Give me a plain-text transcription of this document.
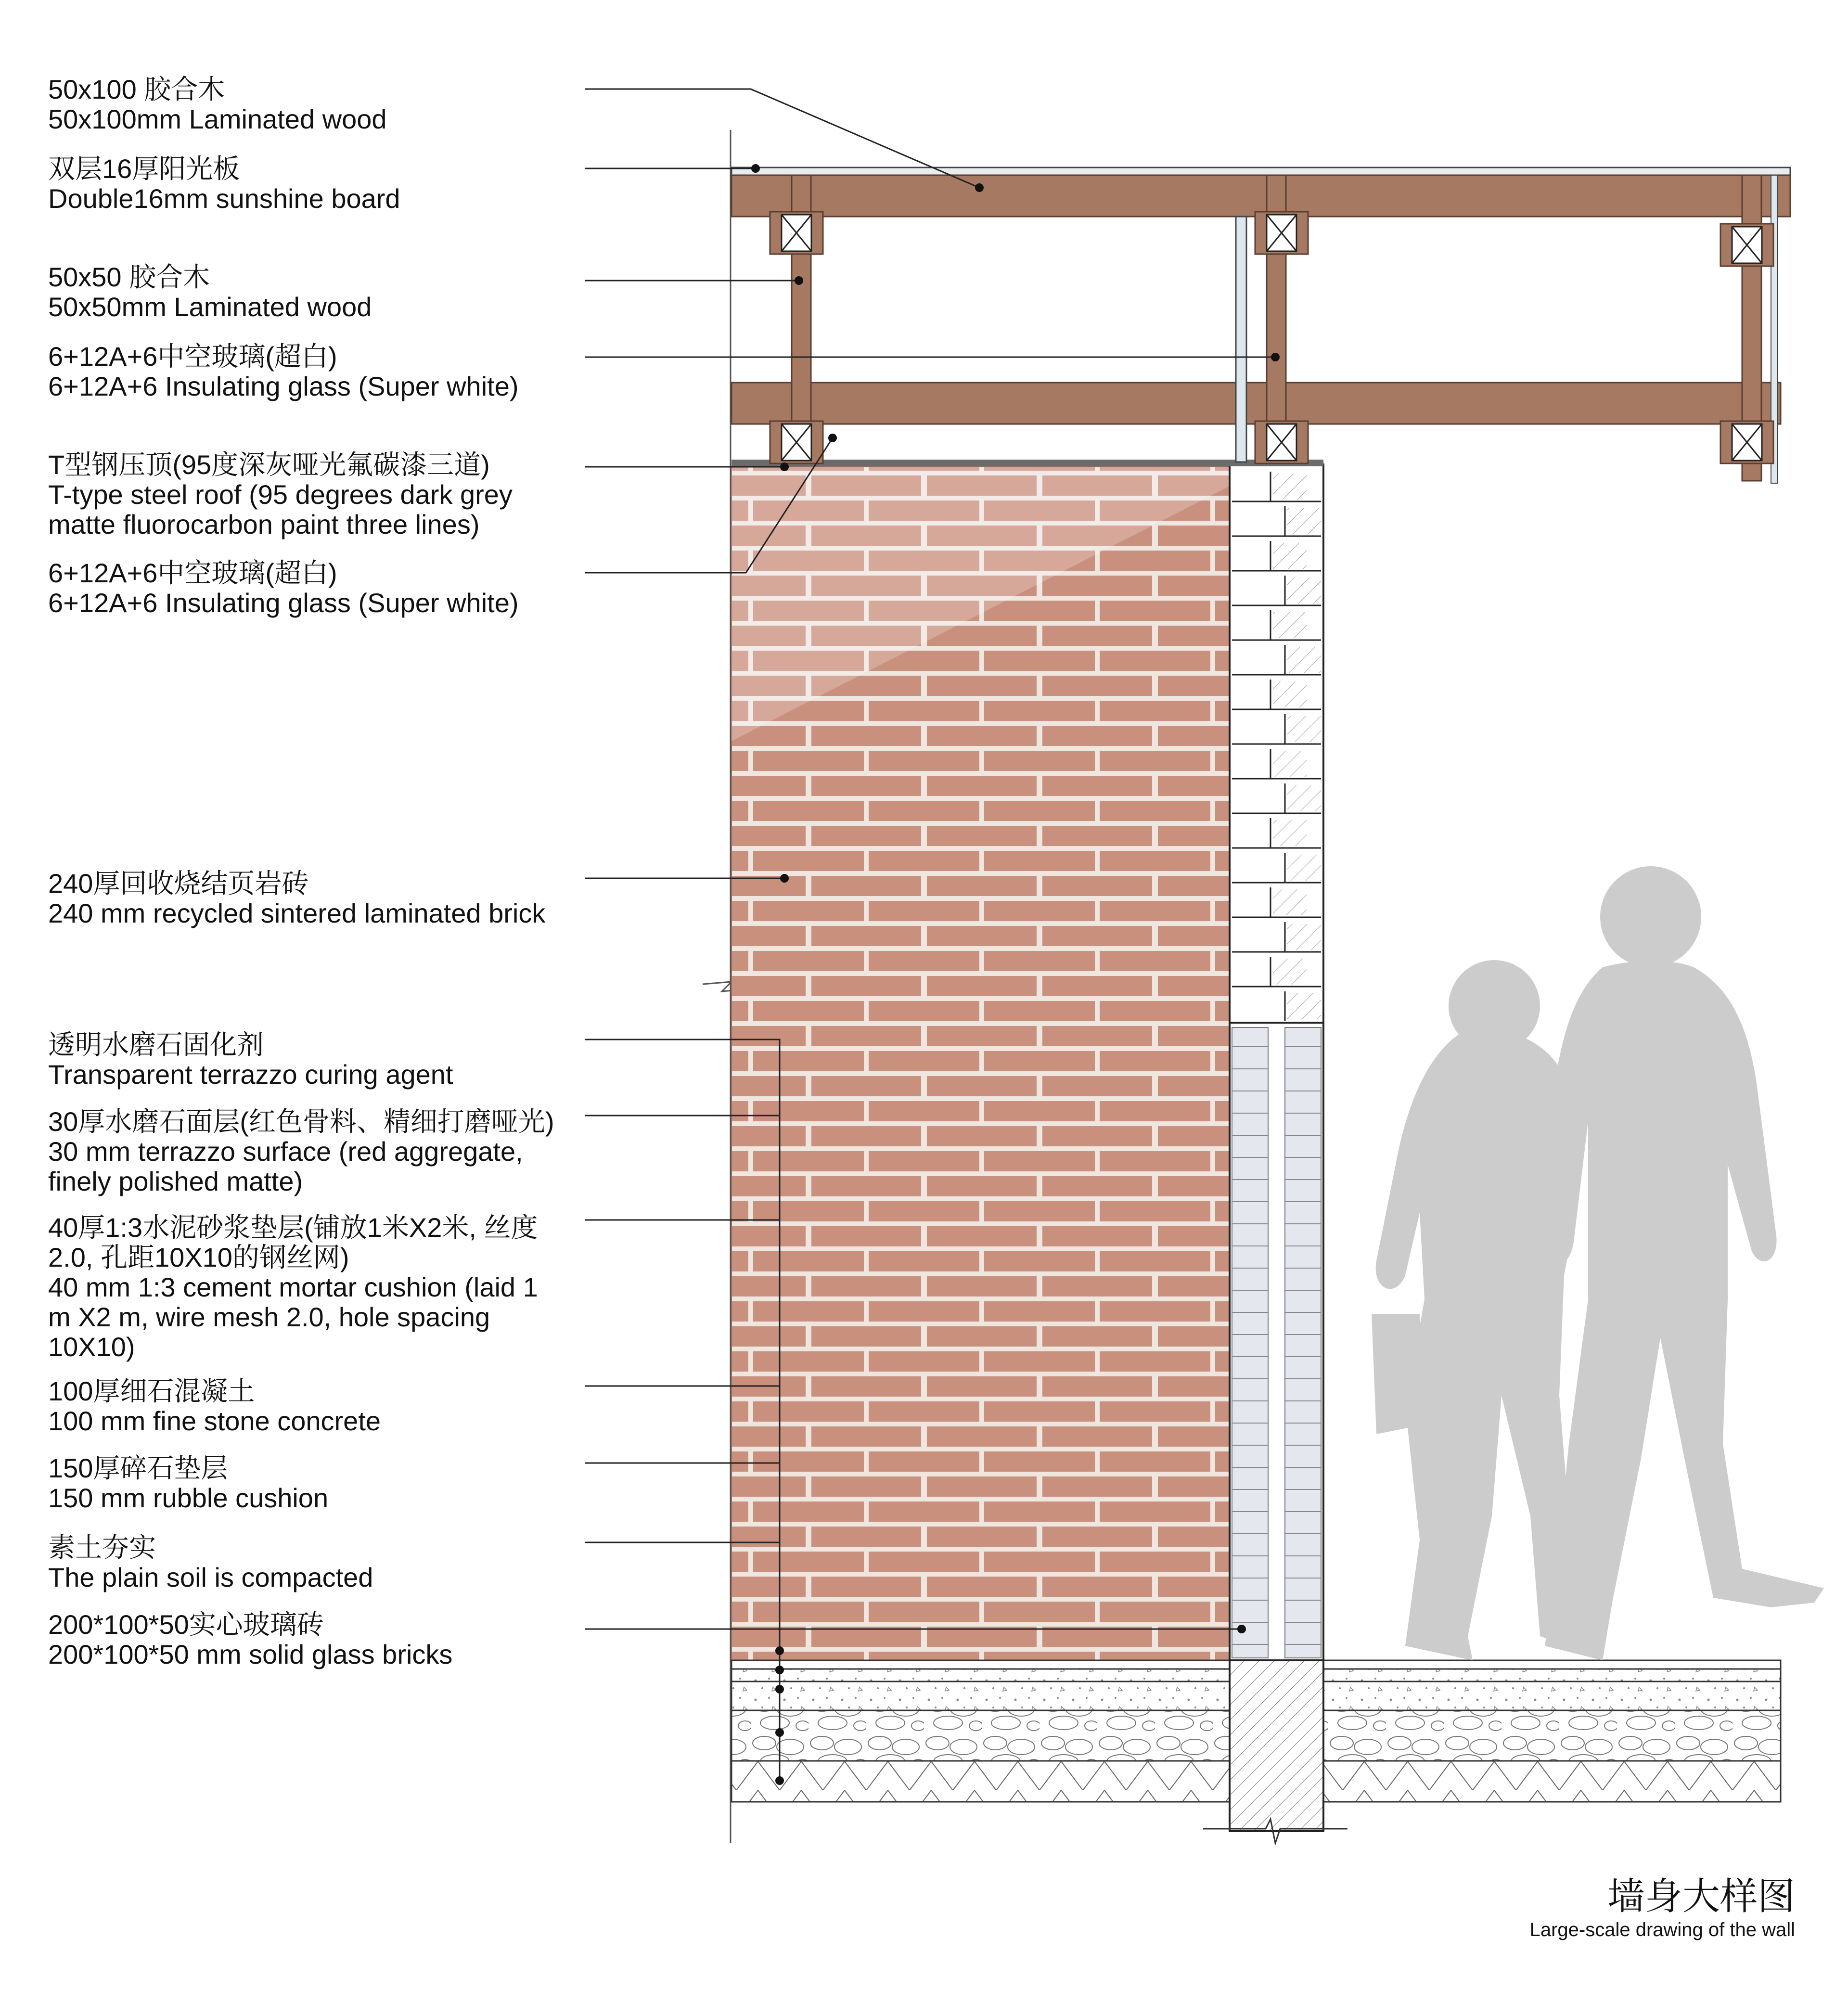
50x100 胶合木
50x100mm Laminated wood
双层16厚阳光板
Double16mm sunshine board
50x50 胶合木
50x50mm Laminated wood
6+12A+6中空玻璃(超白)
6+12A+6 Insulating glass (Super white)
T型钢压顶(95度深灰哑光氟碳漆三道)
T-type steel roof (95 degrees dark grey
matte fluorocarbon paint three lines)
6+12A+6中空玻璃(超白)
6+12A+6 Insulating glass (Super white)
240厚回收烧结页岩砖
240 mm recycled sintered laminated brick
透明水磨石固化剂
Transparent terrazzo curing agent
30厚水磨石面层(红色骨料、精细打磨哑光)
30 mm terrazzo surface (red aggregate,
finely polished matte)
40厚1:3水泥砂浆垫层(铺放1米X2米, 丝度
2.0, 孔距10X10的钢丝网)
40 mm 1:3 cement mortar cushion (laid 1
m X2 m, wire mesh 2.0, hole spacing
10X10)
100厚细石混凝土
100 mm fine stone concrete
150厚碎石垫层
150 mm rubble cushion
素土夯实
The plain soil is compacted
200*100*50实心玻璃砖
200*100*50 mm solid glass bricks
墙身大样图
Large-scale drawing of the wall
